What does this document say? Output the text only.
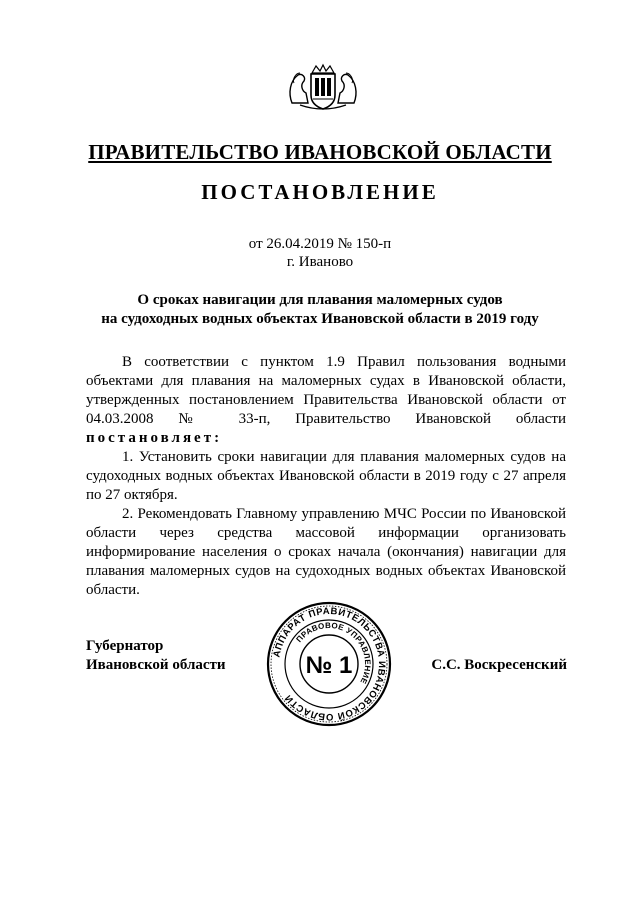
ПРАВИТЕЛЬСТВО ИВАНОВСКОЙ ОБЛАСТИ
ПОСТАНОВЛЕНИЕ
от 26.04.2019 № 150-п
г. Иваново
О сроках навигации для плавания маломерных судов
на судоходных водных объектах Ивановской области в 2019 году

В соответствии с пунктом 1.9 Правил пользования водными объектами для плавания на маломерных судах в Ивановской области, утвержденных постановлением Правительства Ивановской области от 04.03.2008 № 33-п, Правительство Ивановской области

постановляет:

1. Установить сроки навигации для плавания маломерных судов на судоходных водных объектах Ивановской области в 2019 году с 27 апреля по 27 октября.

2. Рекомендовать Главному управлению МЧС России по Ивановской области через средства массовой информации организовать информирование населения о сроках начала (окончания) навигации для плавания маломерных судов на судоходных водных объектах Ивановской области.

Губернатор
Ивановской области	С.С. Воскресенский
АППАРАТ ПРАВИТЕЛЬСТВА ИВАНОВСКОЙ ОБЛАСТИ
ПРАВОВОЕ УПРАВЛЕНИЕ
№ 1
